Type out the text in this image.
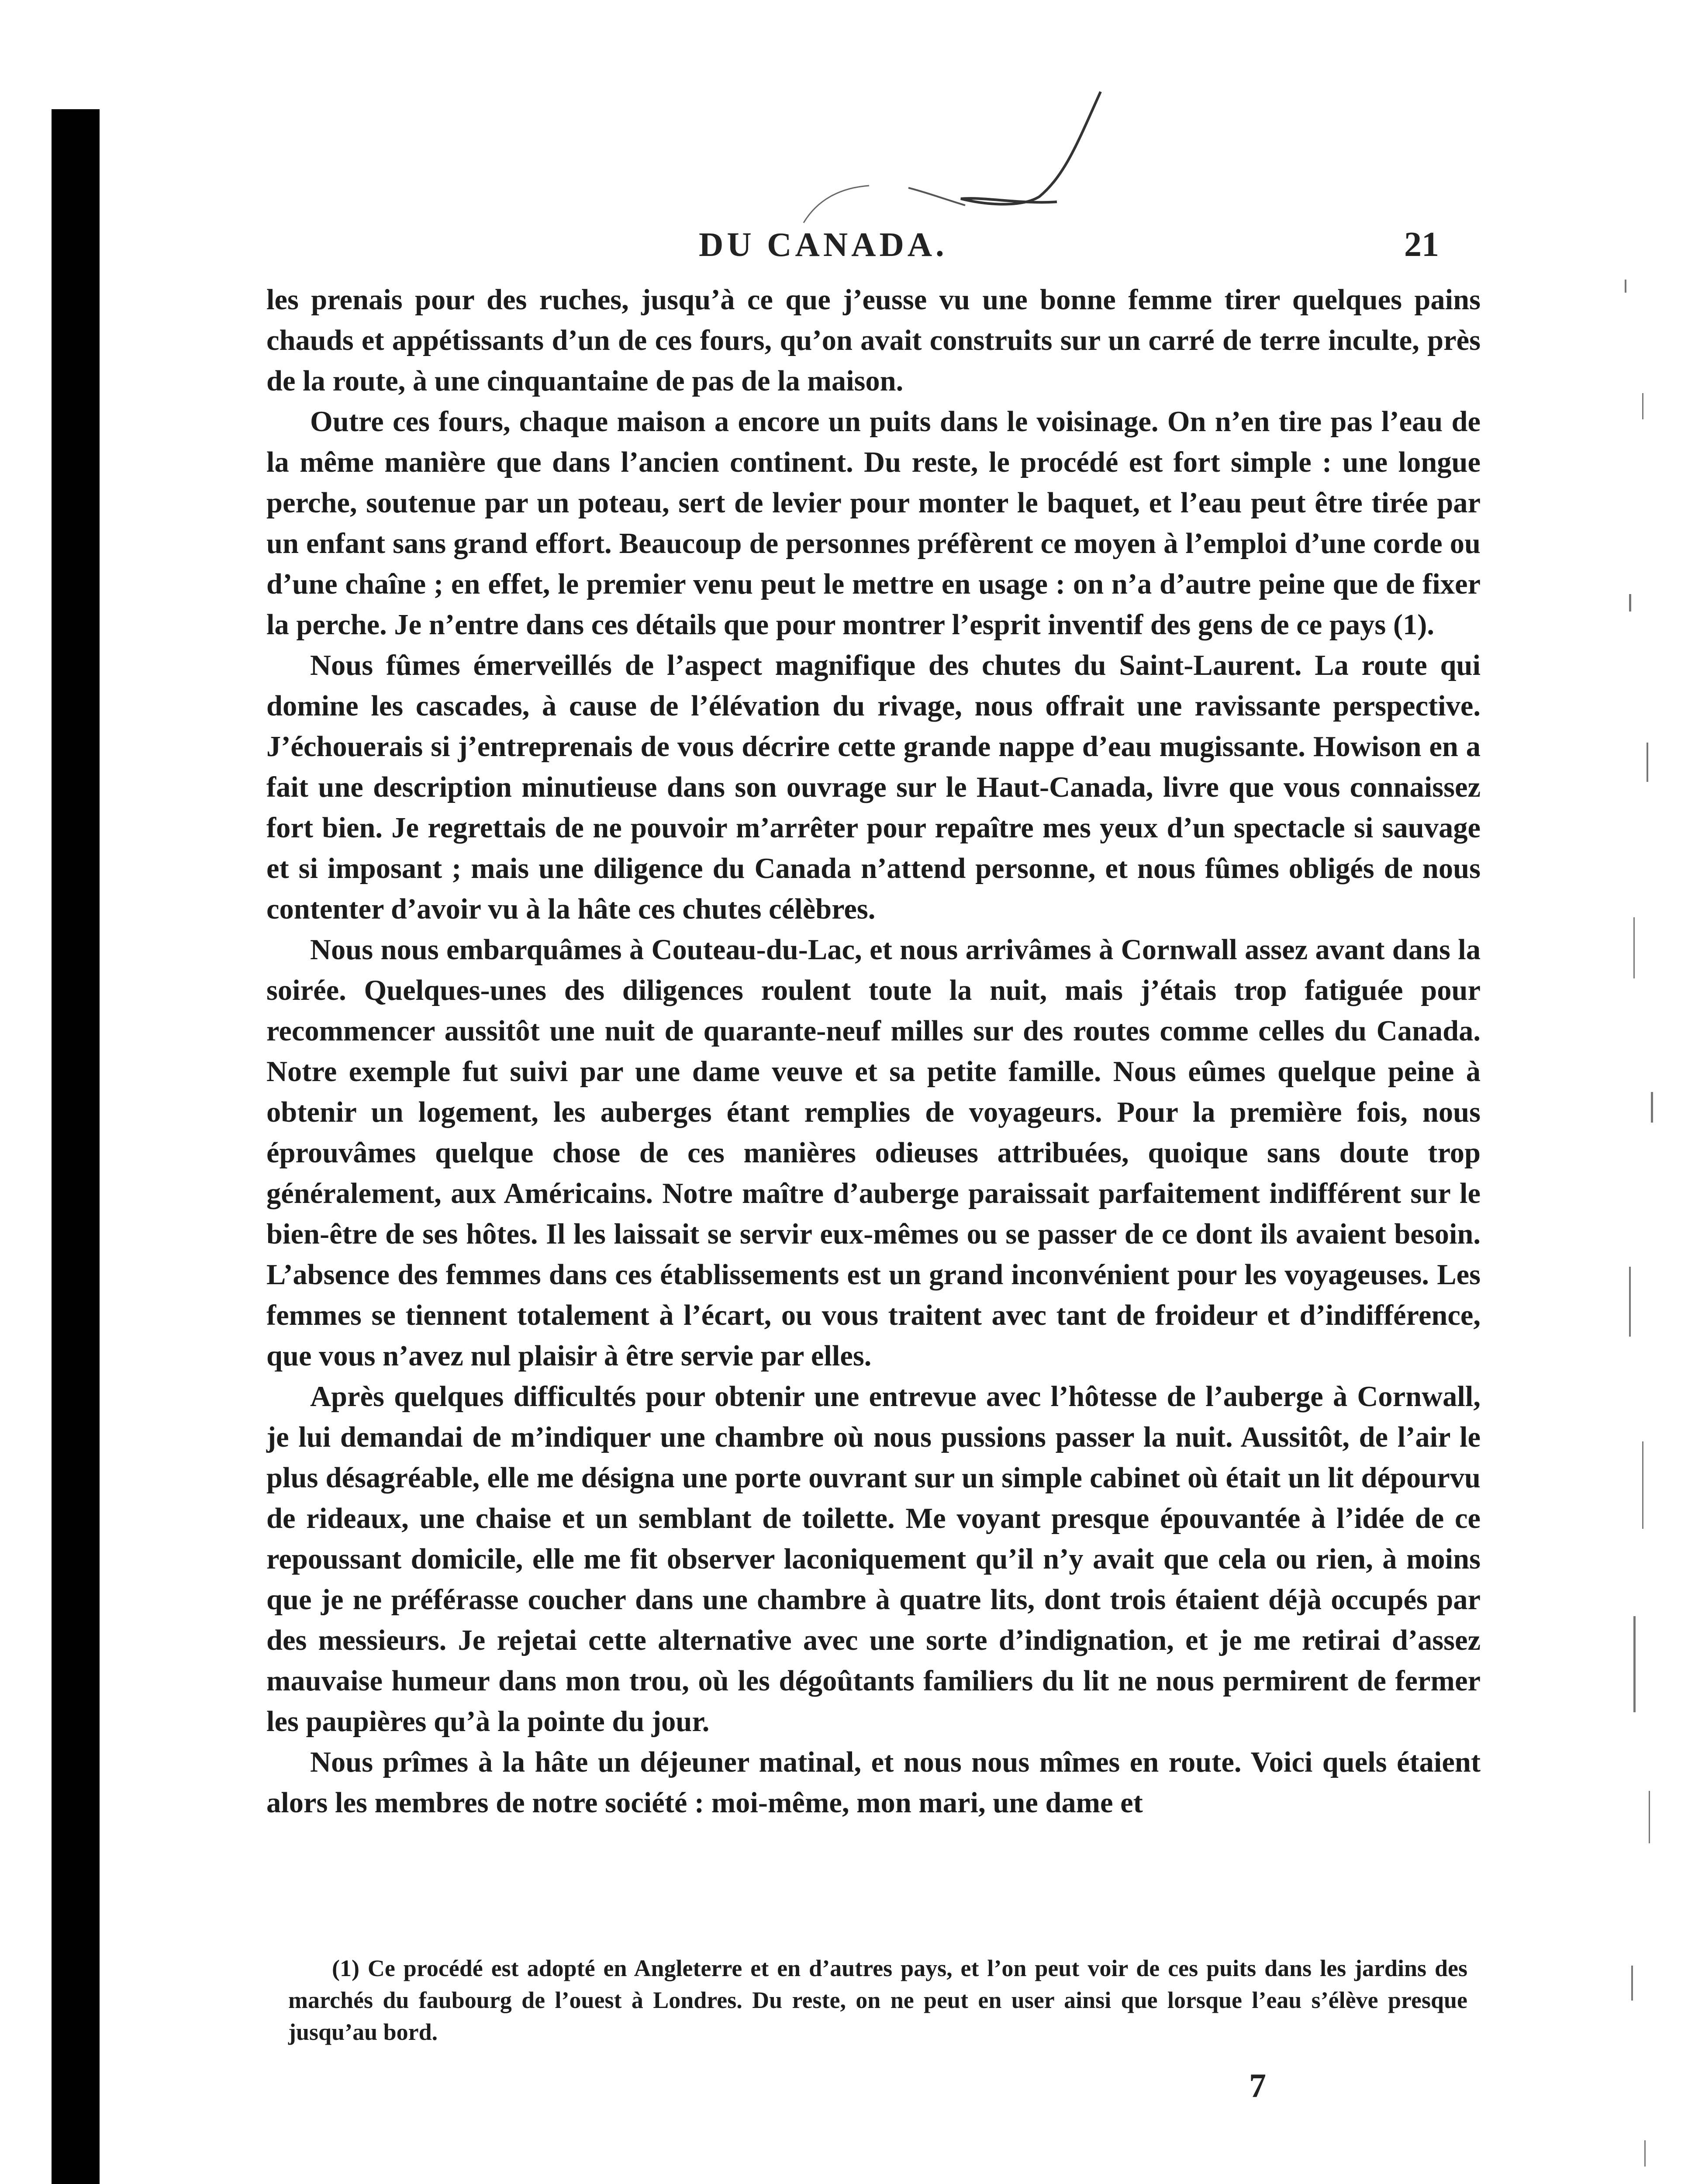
DU CANADA.	21

les prenais pour des ruches, jusqu’à ce que j’eusse vu une bonne femme tirer quelques pains chauds et appétissants d’un de ces fours, qu’on avait construits sur un carré de terre inculte, près de la route, à une cinquantaine de pas de la maison.

Outre ces fours, chaque maison a encore un puits dans le voisinage. On n’en tire pas l’eau de la même manière que dans l’ancien continent. Du reste, le procédé est fort simple : une longue perche, soutenue par un poteau, sert de levier pour monter le baquet, et l’eau peut être tirée par un enfant sans grand effort. Beaucoup de personnes préfèrent ce moyen à l’emploi d’une corde ou d’une chaîne ; en effet, le premier venu peut le mettre en usage : on n’a d’autre peine que de fixer la perche. Je n’entre dans ces détails que pour montrer l’esprit inventif des gens de ce pays (1).

Nous fûmes émerveillés de l’aspect magnifique des chutes du Saint-Laurent. La route qui domine les cascades, à cause de l’élévation du rivage, nous offrait une ravissante perspective. J’échouerais si j’entreprenais de vous décrire cette grande nappe d’eau mugissante. Howison en a fait une description minutieuse dans son ouvrage sur le Haut-Canada, livre que vous connaissez fort bien. Je regrettais de ne pouvoir m’arrêter pour repaître mes yeux d’un spectacle si sauvage et si imposant ; mais une diligence du Canada n’attend personne, et nous fûmes obligés de nous contenter d’avoir vu à la hâte ces chutes célèbres.

Nous nous embarquâmes à Couteau-du-Lac, et nous arrivâmes à Cornwall assez avant dans la soirée. Quelques-unes des diligences roulent toute la nuit, mais j’étais trop fatiguée pour recommencer aussitôt une nuit de quarante-neuf milles sur des routes comme celles du Canada. Notre exemple fut suivi par une dame veuve et sa petite famille. Nous eûmes quelque peine à obtenir un logement, les auberges étant remplies de voyageurs. Pour la première fois, nous éprouvâmes quelque chose de ces manières odieuses attribuées, quoique sans doute trop généralement, aux Américains. Notre maître d’auberge paraissait parfaitement indifférent sur le bien-être de ses hôtes. Il les laissait se servir eux-mêmes ou se passer de ce dont ils avaient besoin. L’absence des femmes dans ces établissements est un grand inconvénient pour les voyageuses. Les femmes se tiennent totalement à l’écart, ou vous traitent avec tant de froideur et d’indifférence, que vous n’avez nul plaisir à être servie par elles.

Après quelques difficultés pour obtenir une entrevue avec l’hôtesse de l’auberge à Cornwall, je lui demandai de m’indiquer une chambre où nous pussions passer la nuit. Aussitôt, de l’air le plus désagréable, elle me désigna une porte ouvrant sur un simple cabinet où était un lit dépourvu de rideaux, une chaise et un semblant de toilette. Me voyant presque épouvantée à l’idée de ce repoussant domicile, elle me fit observer laconiquement qu’il n’y avait que cela ou rien, à moins que je ne préférasse coucher dans une chambre à quatre lits, dont trois étaient déjà occupés par des messieurs. Je rejetai cette alternative avec une sorte d’indignation, et je me retirai d’assez mauvaise humeur dans mon trou, où les dégoûtants familiers du lit ne nous permirent de fermer les paupières qu’à la pointe du jour.

Nous prîmes à la hâte un déjeuner matinal, et nous nous mîmes en route. Voici quels étaient alors les membres de notre société : moi-même, mon mari, une dame et

(1) Ce procédé est adopté en Angleterre et en d’autres pays, et l’on peut voir de ces puits dans les jardins des marchés du faubourg de l’ouest à Londres. Du reste, on ne peut en user ainsi que lorsque l’eau s’élève presque jusqu’au bord.
7
